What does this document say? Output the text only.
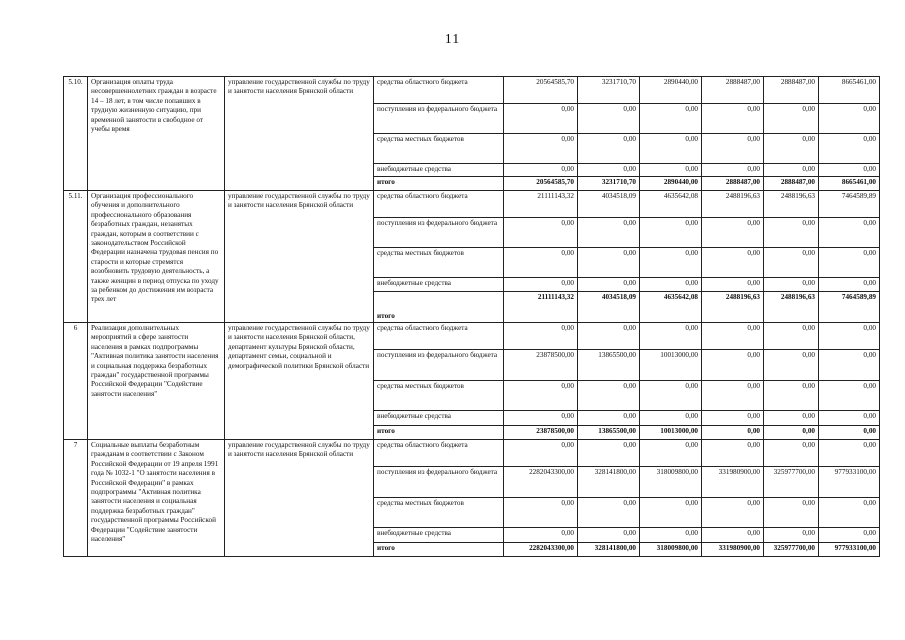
11
5.10.	Организация оплаты труда несовершеннолетних граждан в возрасте 14 – 18 лет, в том числе попавших в трудную жизненную ситуацию, при временной занятости в свободное от учебы время	управление государственной службы по труду и занятости населения Брянской области	средства областного бюджета	20564585,70	3231710,70	2890440,00	2888487,00	2888487,00	8665461,00
			поступления из федерального бюджета	0,00	0,00	0,00	0,00	0,00	0,00
			средства местных бюджетов	0,00	0,00	0,00	0,00	0,00	0,00
			внебюджетные средства	0,00	0,00	0,00	0,00	0,00	0,00
			итого	20564585,70	3231710,70	2890440,00	2888487,00	2888487,00	8665461,00
5.11.	Организация профессионального обучения и дополнительного профессионального образования безработных граждан, незанятых граждан, которым в соответствии с законодательством Российской Федерации назначена трудовая пенсия по старости и которые стремятся возобновить трудовую деятельность, а также женщин в период отпуска по уходу за ребенком до достижения им возраста трех лет	управление государственной службы по труду и занятости населения Брянской области	средства областного бюджета	21111143,32	4034518,09	4635642,08	2488196,63	2488196,63	7464589,89
			поступления из федерального бюджета	0,00	0,00	0,00	0,00	0,00	0,00
			средства местных бюджетов	0,00	0,00	0,00	0,00	0,00	0,00
			внебюджетные средства	0,00	0,00	0,00	0,00	0,00	0,00
			итого	21111143,32	4034518,09	4635642,08	2488196,63	2488196,63	7464589,89
6	Реализация дополнительных мероприятий в сфере занятости населения в рамках подпрограммы "Активная политика занятости населения и социальная поддержка безработных граждан" государственной программы Российской Федерации "Содействие занятости населения"	управление государственной службы по труду и занятости населения Брянской области, департамент культуры Брянской области, департамент семьи, социальной и демографической политики Брянской области	средства областного бюджета	0,00	0,00	0,00	0,00	0,00	0,00
			поступления из федерального бюджета	23878500,00	13865500,00	10013000,00	0,00	0,00	0,00
			средства местных бюджетов	0,00	0,00	0,00	0,00	0,00	0,00
			внебюджетные средства	0,00	0,00	0,00	0,00	0,00	0,00
			итого	23878500,00	13865500,00	10013000,00	0,00	0,00	0,00
7	Социальные выплаты безработным гражданам в соответствии с Законом Российской Федерации от 19 апреля 1991 года № 1032-1 "О занятости населения в Российской Федерации" в рамках подпрограммы "Активная политика занятости населения и социальная поддержка безработных граждан" государственной программы Российской Федерации "Содействие занятости населения"	управление государственной службы по труду и занятости населения Брянской области	средства областного бюджета	0,00	0,00	0,00	0,00	0,00	0,00
			поступления из федерального бюджета	2282043300,00	328141800,00	318009800,00	331980900,00	325977700,00	977933100,00
			средства местных бюджетов	0,00	0,00	0,00	0,00	0,00	0,00
			внебюджетные средства	0,00	0,00	0,00	0,00	0,00	0,00
			итого	2282043300,00	328141800,00	318009800,00	331980900,00	325977700,00	977933100,00
